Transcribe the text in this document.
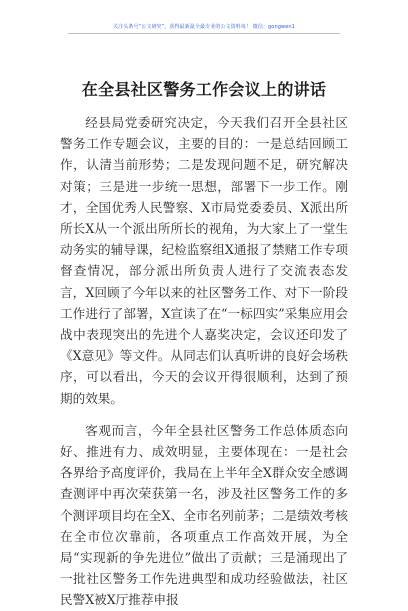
关注头条号“公文研究”，获得最新最全最专业的公文资料每！ 微信：gongwen1
在全县社区警务工作会议上的讲话

经县局党委研究决定，今天我们召开全县社区警务工作专题会议，主要的目的：一是总结回顾工作，认清当前形势；二是发现问题不足，研究解决对策；三是进一步统一思想，部署下一步工作。刚才，全国优秀人民警察、X市局党委委员、X派出所所长X从一个派出所所长的视角，为大家上了一堂生动务实的辅导课，纪检监察组X通报了禁赌工作专项督查情况，部分派出所负责人进行了交流表态发言，X回顾了今年以来的社区警务工作、对下一阶段工作进行了部署，X宣读了在“一标四实”采集应用会战中表现突出的先进个人嘉奖决定，会议还印发了《X意见》等文件。从同志们认真听讲的良好会场秩序，可以看出，今天的会议开得很顺利，达到了预期的效果。

客观而言，今年全县社区警务工作总体质态向好、推进有力、成效明显，主要体现在：一是社会各界给予高度评价，我局在上半年全X群众安全感调查测评中再次荣获第一名，涉及社区警务工作的多个测评项目均在全X、全市名列前茅；二是绩效考核在全市位次靠前，各项重点工作高效开展，为全局“实现新的争先进位”做出了贡献；三是涌现出了一批社区警务工作先进典型和成功经验做法，社区民警X被X厅推荐申报
